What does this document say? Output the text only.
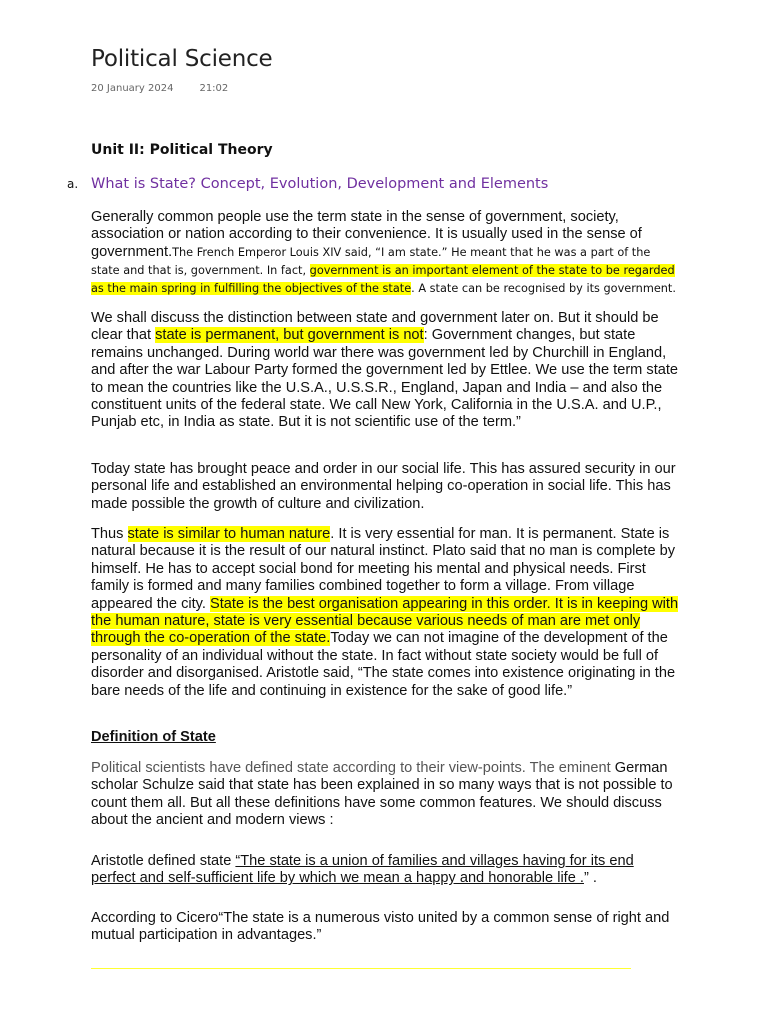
Political Science
20 January 2024	21:02
Unit II: Political Theory
a. What is State? Concept, Evolution, Development and Elements
Generally common people use the term state in the sense of government, society, association or nation according to their convenience. It is usually used in the sense of government.The French Emperor Louis XIV said, “I am state.” He meant that he was a part of the state and that is, government. In fact, government is an important element of the state to be regarded as the main spring in fulfilling the objectives of the state. A state can be recognised by its government.
We shall discuss the distinction between state and government later on. But it should be clear that state is permanent, but government is not: Government changes, but state remains unchanged. During world war there was government led by Churchill in England, and after the war Labour Party formed the government led by Ettlee. We use the term state to mean the countries like the U.S.A., U.S.S.R., England, Japan and India – and also the constituent units of the federal state. We call New York, California in the U.S.A. and U.P., Punjab etc, in India as state. But it is not scientific use of the term.”
Today state has brought peace and order in our social life. This has assured security in our personal life and established an environmental helping co-operation in social life. This has made possible the growth of culture and civilization.
Thus state is similar to human nature. It is very essential for man. It is permanent. State is natural because it is the result of our natural instinct. Plato said that no man is complete by himself. He has to accept social bond for meeting his mental and physical needs. First family is formed and many families combined together to form a village. From village appeared the city. State is the best organisation appearing in this order. It is in keeping with the human nature, state is very essential because various needs of man are met only through the co-operation of the state.Today we can not imagine of the development of the personality of an individual without the state. In fact without state society would be full of disorder and disorganised. Aristotle said, “The state comes into existence originating in the bare needs of the life and continuing in existence for the sake of good life.”
Definition of State
Political scientists have defined state according to their view-points. The eminent German scholar Schulze said that state has been explained in so many ways that is not possible to count them all. But all these definitions have some common features. We should discuss about the ancient and modern views :
Aristotle defined state “The state is a union of families and villages having for its end perfect and self-sufficient life by which we mean a happy and honorable life .” .
According to Cicero“The state is a numerous visto united by a common sense of right and mutual participation in advantages.”
